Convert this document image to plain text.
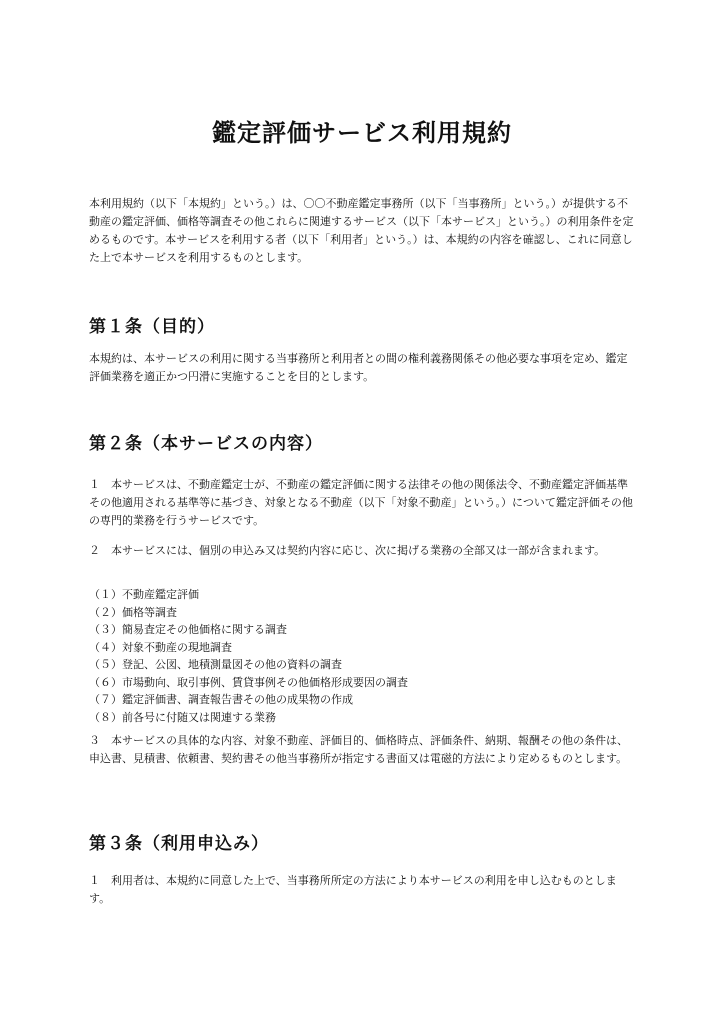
鑑定評価サービス利用規約

本利用規約（以下「本規約」という。）は、〇〇不動産鑑定事務所（以下「当事務所」という。）が提供する不動産の鑑定評価、価格等調査その他これらに関連するサービス（以下「本サービス」という。）の利用条件を定めるものです。本サービスを利用する者（以下「利用者」という。）は、本規約の内容を確認し、これに同意した上で本サービスを利用するものとします。

第１条（目的）

本規約は、本サービスの利用に関する当事務所と利用者との間の権利義務関係その他必要な事項を定め、鑑定評価業務を適正かつ円滑に実施することを目的とします。

第２条（本サービスの内容）

１　本サービスは、不動産鑑定士が、不動産の鑑定評価に関する法律その他の関係法令、不動産鑑定評価基準その他適用される基準等に基づき、対象となる不動産（以下「対象不動産」という。）について鑑定評価その他の専門的業務を行うサービスです。

２　本サービスには、個別の申込み又は契約内容に応じ、次に掲げる業務の全部又は一部が含まれます。

（１）不動産鑑定評価
（２）価格等調査
（３）簡易査定その他価格に関する調査
（４）対象不動産の現地調査
（５）登記、公図、地積測量図その他の資料の調査
（６）市場動向、取引事例、賃貸事例その他価格形成要因の調査
（７）鑑定評価書、調査報告書その他の成果物の作成
（８）前各号に付随又は関連する業務

３　本サービスの具体的な内容、対象不動産、評価目的、価格時点、評価条件、納期、報酬その他の条件は、申込書、見積書、依頼書、契約書その他当事務所が指定する書面又は電磁的方法により定めるものとします。

第３条（利用申込み）

１　利用者は、本規約に同意した上で、当事務所所定の方法により本サービスの利用を申し込むものとします。
